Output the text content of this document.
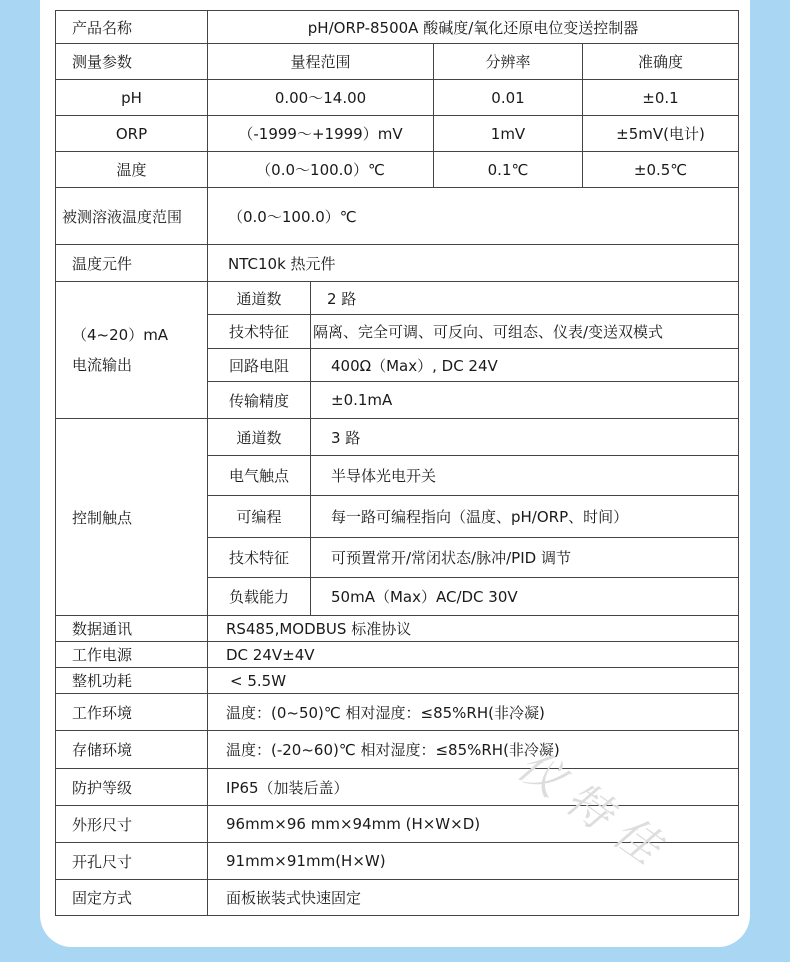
产品名称	pH/ORP-8500A 酸碱度/氧化还原电位变送控制器			
测量参数	量程范围		分辨率	准确度
pH	0.00～14.00		0.01	±0.1
ORP	（-1999～+1999）mV		1mV	±5mV(电计)
温度	（0.0～100.0）℃		0.1℃	±0.5℃
被测溶液温度范围	（0.0～100.0）℃			
温度元件	NTC10k 热元件			

（4~20）mA
电流输出	通道数	2 路		
	技术特征	隔离、完全可调、可反向、可组态、仪表/变送双模式		
	回路电阻	400Ω（Max）, DC 24V		
	传输精度	±0.1mA		
控制触点	通道数	3 路		
	电气触点	半导体光电开关		
	可编程	每一路可编程指向（温度、pH/ORP、时间）		
	技术特征	可预置常开/常闭状态/脉冲/PID 调节		
	负载能力	50mA（Max）AC/DC 30V		
数据通讯	RS485,MODBUS 标准协议			
工作电源	DC 24V±4V			
整机功耗	< 5.5W			
工作环境	温度：(0~50)℃ 相对湿度：≤85%RH(非冷凝)			
存储环境	温度：(-20~60)℃ 相对湿度：≤85%RH(非冷凝)			
防护等级	IP65（加装后盖）			
外形尺寸	96mm×96 mm×94mm (H×W×D)			
开孔尺寸	91mm×91mm(H×W)			
固定方式	面板嵌装式快速固定			
仪特佳
